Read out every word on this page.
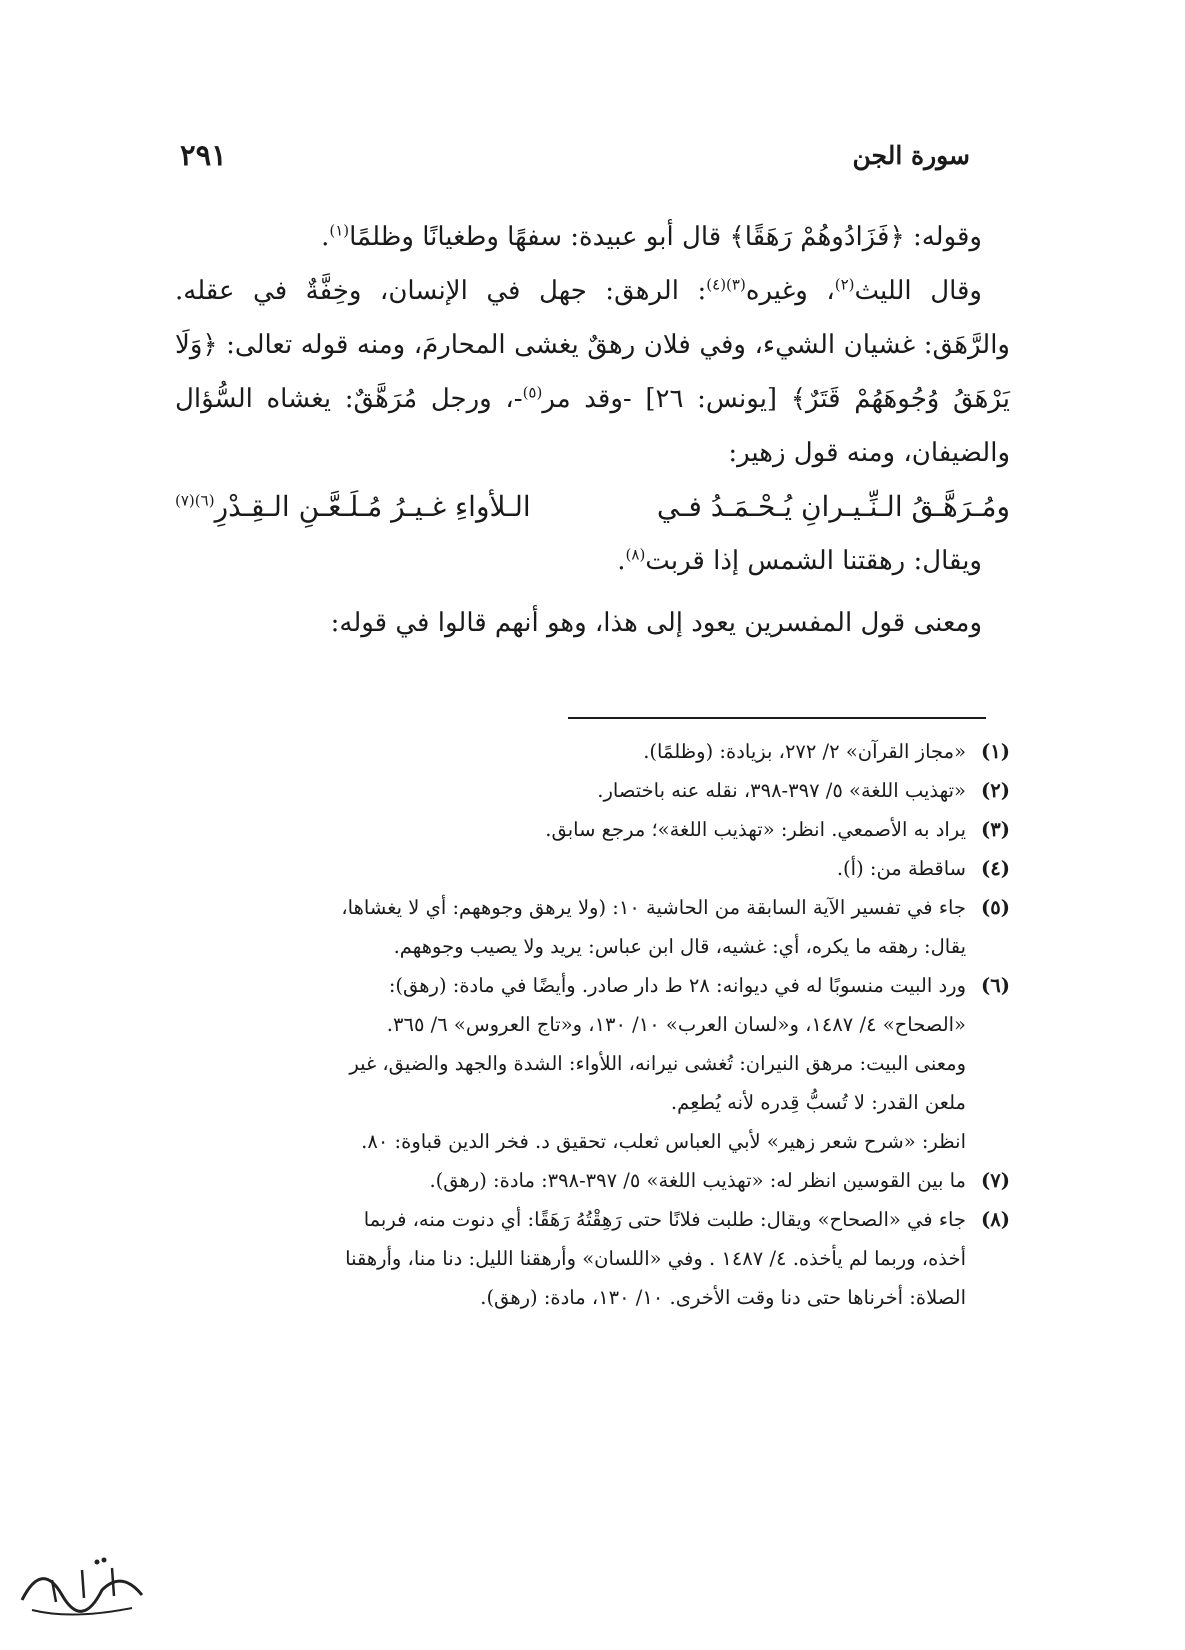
سورة الجن
٢٩١

وقوله: ﴿فَزَادُوهُمْ رَهَقًا﴾ قال أبو عبيدة: سفهًا وطغيانًا وظلمًا$^{(١)}$.

وقال الليث$^{(٢)}$، وغيره$^{(٣)(٤)}$: الرهق: جهل في الإنسان، وخِفَّةٌ في عقله. والرَّهَق: غشيان الشيء، وفي فلان رهقٌ يغشى المحارمَ، ومنه قوله تعالى: ﴿وَلَا يَرْهَقُ وُجُوهَهُمْ قَتَرٌ﴾ [يونس: ٢٦] -وقد مر$^{(٥)}$-، ورجل مُرَهَّقٌ: يغشاه السُّؤال والضيفان، ومنه قول زهير:

ومُـرَهَّـقُ الـنِّـيـرانِ يُـحْـمَـدُ فـي
الـلأواءِ غـيـرُ مُـلَـعَّـنِ الـقِـدْرِ$^{(٦)(٧)}$

ويقال: رهقتنا الشمس إذا قربت$^{(٨)}$.

ومعنى قول المفسرين يعود إلى هذا، وهو أنهم قالوا في قوله:

(١)

«مجاز القرآن» ٢/ ٢٧٢، بزيادة: (وظلمًا).

(٢)

«تهذيب اللغة» ٥/ ٣٩٧-٣٩٨، نقله عنه باختصار.

(٣)

يراد به الأصمعي. انظر: «تهذيب اللغة»؛ مرجع سابق.

(٤)

ساقطة من: (أ).

(٥)

جاء في تفسير الآية السابقة من الحاشية ١٠: (ولا يرهق وجوههم: أي لا يغشاها،

يقال: رهقه ما يكره، أي: غشيه، قال ابن عباس: يريد ولا يصيب وجوههم.

(٦)

ورد البيت منسوبًا له في ديوانه: ٢٨ ط دار صادر. وأيضًا في مادة: (رهق):

«الصحاح» ٤/ ١٤٨٧، و«لسان العرب» ١٠/ ١٣٠، و«تاج العروس» ٦/ ٣٦٥.

ومعنى البيت: مرهق النيران: تُغشى نيرانه، اللأواء: الشدة والجهد والضيق، غير

ملعن القدر: لا تُسبُّ قِدره لأنه يُطعِم.

انظر: «شرح شعر زهير» لأبي العباس ثعلب، تحقيق د. فخر الدين قباوة: ٨٠.

(٧)

ما بين القوسين انظر له: «تهذيب اللغة» ٥/ ٣٩٧-٣٩٨: مادة: (رهق).

(٨)

جاء في «الصحاح» ويقال: طلبت فلانًا حتى رَهِقْتُهُ رَهَقًا: أي دنوت منه، فربما

أخذه، وربما لم يأخذه. ٤/ ١٤٨٧ . وفي «اللسان» وأرهقنا الليل: دنا منا، وأرهقنا

الصلاة: أخرناها حتى دنا وقت الأخرى. ١٠/ ١٣٠، مادة: (رهق).
